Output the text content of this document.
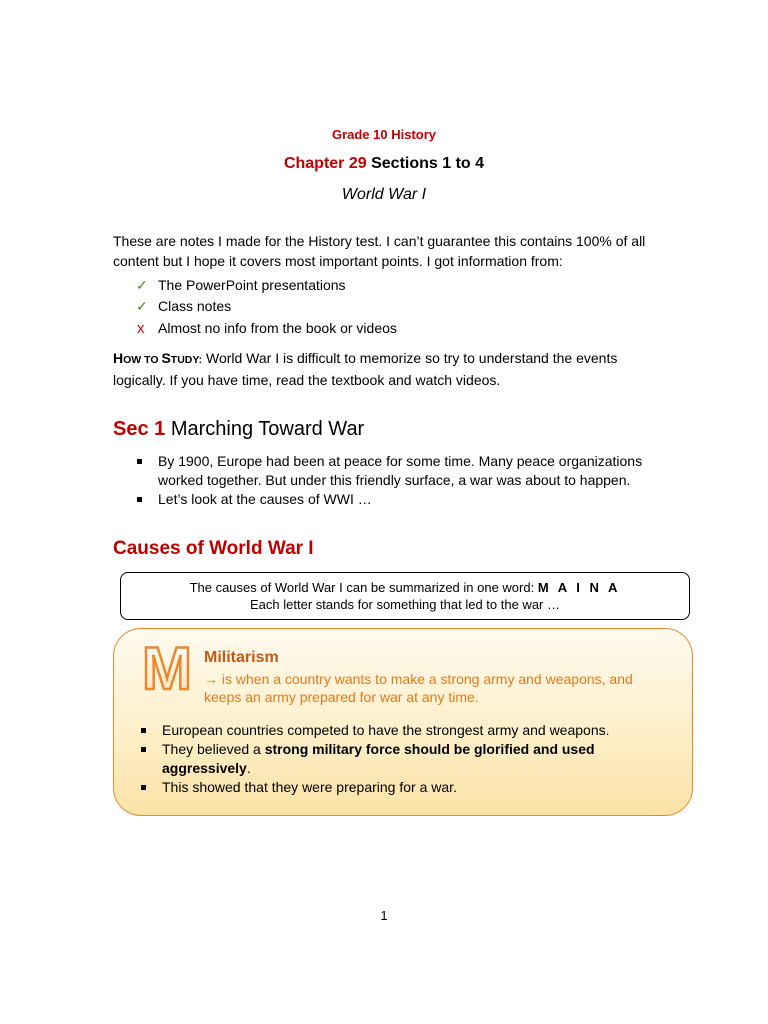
Grade 10 History
Chapter 29 Sections 1 to 4
World War I
These are notes I made for the History test. I can’t guarantee this contains 100% of all content but I hope it covers most important points. I got information from:
✓ The PowerPoint presentations
✓ Class notes
x Almost no info from the book or videos
HOW TO STUDY: World War I is difficult to memorize so try to understand the events logically. If you have time, read the textbook and watch videos.
Sec 1 Marching Toward War
By 1900, Europe had been at peace for some time. Many peace organizations worked together. But under this friendly surface, a war was about to happen.
Let’s look at the causes of WWI …
Causes of World War I
The causes of World War I can be summarized in one word: M A I N A
Each letter stands for something that led to the war …
M Militarism
→ is when a country wants to make a strong army and weapons, and keeps an army prepared for war at any time.
European countries competed to have the strongest army and weapons.
They believed a strong military force should be glorified and used aggressively.
This showed that they were preparing for a war.
1
